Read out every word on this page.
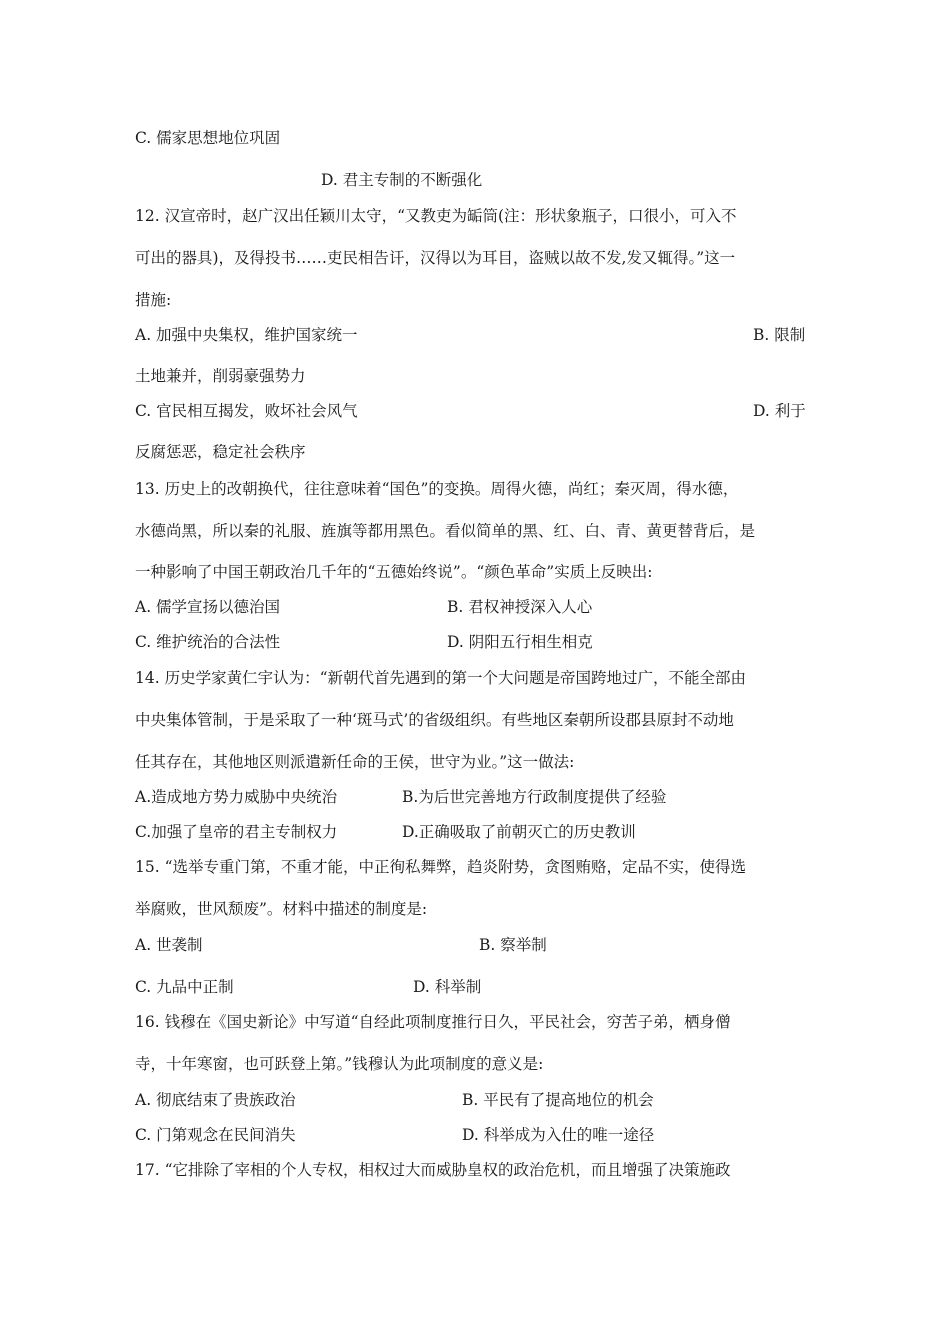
C. 儒家思想地位巩固
D. 君主专制的不断强化
12. 汉宣帝时，赵广汉出任颖川太守，“又教吏为缿筒(注：形状象瓶子，口很小，可入不
可出的器具)，及得投书……吏民相告讦，汉得以为耳目，盗贼以故不发,发又辄得。”这一
措施:
A. 加强中央集权，维护国家统一	B. 限制
土地兼并，削弱豪强势力
C. 官民相互揭发，败坏社会风气	D. 利于
反腐惩恶，稳定社会秩序
13. 历史上的改朝换代，往往意味着“国色”的变换。周得火德，尚红；秦灭周，得水德，
水德尚黑，所以秦的礼服、旌旗等都用黑色。看似简单的黑、红、白、青、黄更替背后，是
一种影响了中国王朝政治几千年的“五德始终说”。“颜色革命”实质上反映出:
A. 儒学宣扬以德治国	B. 君权神授深入人心
C. 维护统治的合法性	D. 阴阳五行相生相克
14. 历史学家黄仁宇认为：“新朝代首先遇到的第一个大问题是帝国跨地过广，不能全部由
中央集体管制，于是采取了一种‘斑马式’的省级组织。有些地区秦朝所设郡县原封不动地
任其存在，其他地区则派遣新任命的王侯，世守为业。”这一做法:
A.造成地方势力威胁中央统治	B.为后世完善地方行政制度提供了经验
C.加强了皇帝的君主专制权力	D.正确吸取了前朝灭亡的历史教训
15. “选举专重门第，不重才能，中正徇私舞弊，趋炎附势，贪图贿赂，定品不实，使得选
举腐败，世风颓废”。材料中描述的制度是:
A. 世袭制	B. 察举制
C. 九品中正制	D. 科举制
16. 钱穆在《国史新论》中写道“自经此项制度推行日久，平民社会，穷苦子弟，栖身僧
寺，十年寒窗，也可跃登上第。”钱穆认为此项制度的意义是:
A. 彻底结束了贵族政治	B. 平民有了提高地位的机会
C. 门第观念在民间消失	D. 科举成为入仕的唯一途径
17. “它排除了宰相的个人专权，相权过大而威胁皇权的政治危机，而且增强了决策施政
